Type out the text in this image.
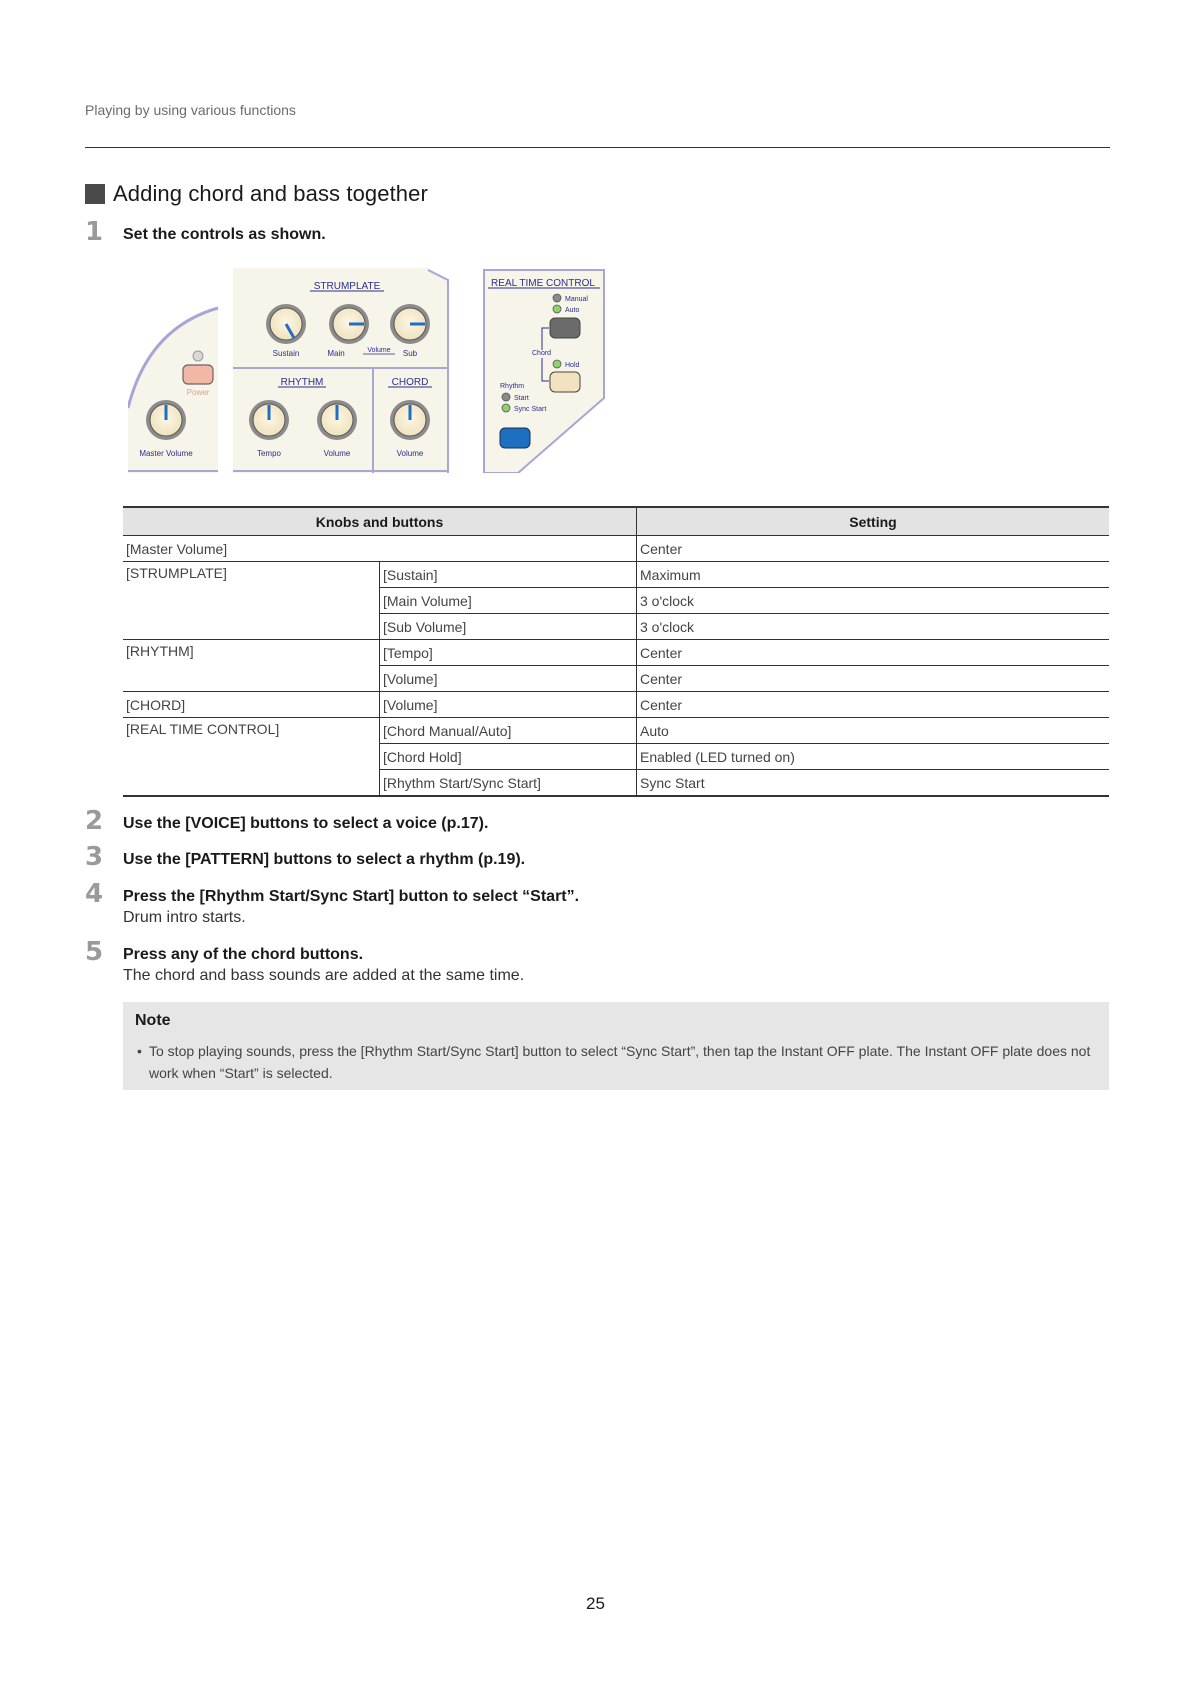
Playing by using various functions
Adding chord and bass together
1 Set the controls as shown.
Power
Master Volume
STRUMPLATE
Sustain	Main	Volume Sub
RHYTHM	CHORD
Tempo	Volume	Volume
REAL TIME CONTROL
Manual
Auto
Chord
Hold
Rhythm
Start
Sync Start
Knobs and buttons		Setting
[Master Volume]		Center
[STRUMPLATE]	[Sustain]	Maximum
	[Main Volume]	3 o'clock
	[Sub Volume]	3 o'clock
[RHYTHM]	[Tempo]	Center
	[Volume]	Center
[CHORD]	[Volume]	Center
[REAL TIME CONTROL]	[Chord Manual/Auto]	Auto
	[Chord Hold]	Enabled (LED turned on)
	[Rhythm Start/Sync Start]	Sync Start
2 Use the [VOICE] buttons to select a voice (p.17).
3 Use the [PATTERN] buttons to select a rhythm (p.19).
4 Press the [Rhythm Start/Sync Start] button to select “Start”.
Drum intro starts.
5 Press any of the chord buttons.
The chord and bass sounds are added at the same time.
Note
• To stop playing sounds, press the [Rhythm Start/Sync Start] button to select “Sync Start”, then tap the Instant OFF plate. The Instant OFF plate does not work when “Start” is selected.
25
